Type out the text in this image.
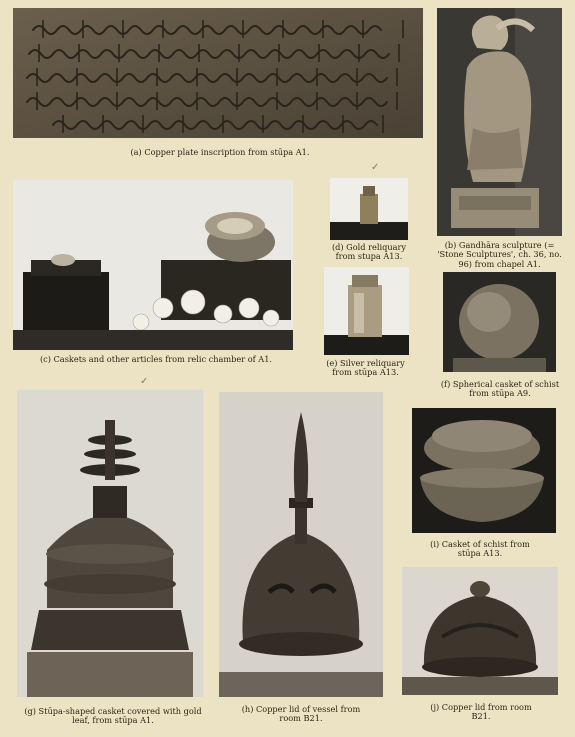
(a) Copper plate inscription from stūpa A1.
(b) Gandhāra sculpture (= 'Stone Sculptures', ch. 36, no. 96) from chapel A1.
(c) Caskets and other articles from relic chamber of A1.
(d) Gold reliquary from stupa A13.
(e) Silver reliquary from stūpa A13.
(f) Spherical casket of schist from stūpa A9.
(g) Stūpa-shaped casket covered with gold leaf, from stūpa A1.
(h) Copper lid of vessel from room B21.
(i) Casket of schist from stūpa A13.
(j) Copper lid from room B21.
✓
✓
